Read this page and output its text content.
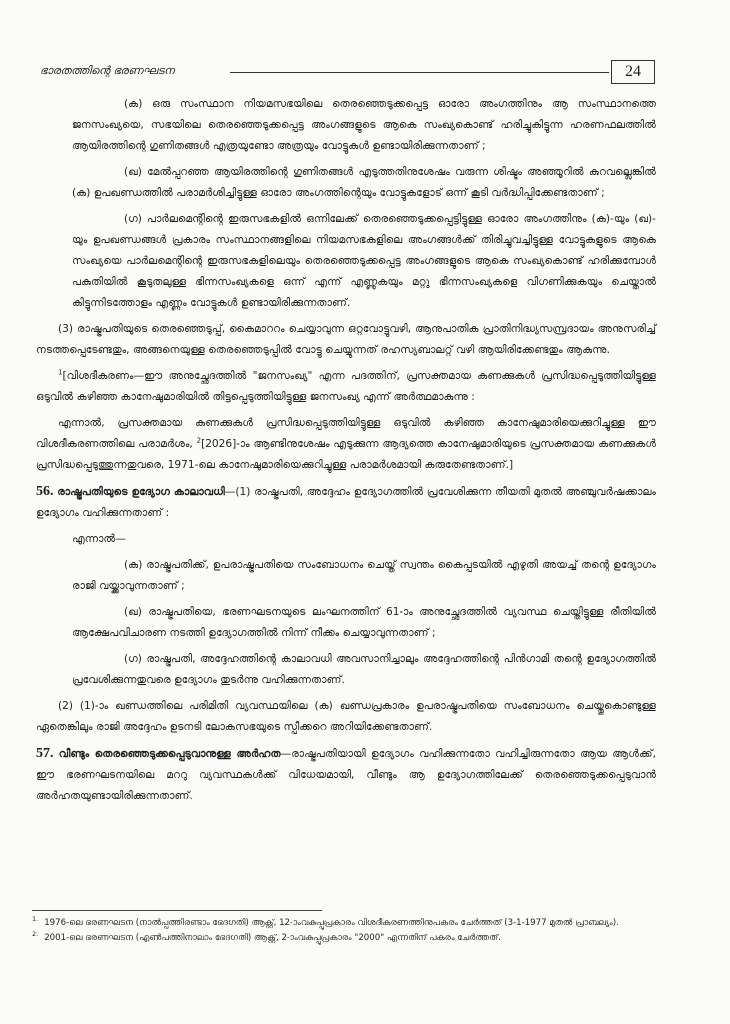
ഭാരതത്തിന്റെ ഭരണഘടന	24

(ക) ഒരു സംസ്ഥാന നിയമസഭയിലെ തെരഞ്ഞെടുക്കപ്പെട്ട ഓരോ അംഗത്തിനും ആ സംസ്ഥാനത്തെ ജനസംഖ്യയെ, സഭയിലെ തെരഞ്ഞെടുക്കപ്പെട്ട അംഗങ്ങളുടെ ആകെ സംഖ്യകൊണ്ട് ഹരിച്ചുകിട്ടുന്ന ഹരണഫലത്തിൽ ആയിരത്തിന്റെ ഗുണിതങ്ങൾ എത്രയുണ്ടോ അത്രയും വോട്ടുകൾ ഉണ്ടായിരിക്കുന്നതാണ് ;

(ഖ) മേൽപ്പറഞ്ഞ ആയിരത്തിന്റെ ഗുണിതങ്ങൾ എടുത്തതിനുശേഷം വരുന്ന ശിഷ്ടം അഞ്ഞൂറിൽ കുറവല്ലെങ്കിൽ (ക) ഉപഖണ്ഡത്തിൽ പരാമർശിച്ചിട്ടുള്ള ഓരോ അംഗത്തിന്റെയും വോട്ടുകളോട് ഒന്ന് കൂടി വർദ്ധിപ്പിക്കേണ്ടതാണ് ;

(ഗ) പാർലമെന്റിന്റെ ഇരുസഭകളിൽ ഒന്നിലേക്ക് തെരഞ്ഞെടുക്കപ്പെട്ടിട്ടുള്ള ഓരോ അംഗത്തിനും (ക)-യും (ഖ)-യും ഉപഖണ്ഡങ്ങൾ പ്രകാരം സംസ്ഥാനങ്ങളിലെ നിയമസഭകളിലെ അംഗങ്ങൾക്ക് തിരിച്ചുവച്ചിട്ടുള്ള വോട്ടുകളുടെ ആകെ സംഖ്യയെ പാർലമെന്റിന്റെ ഇരുസഭകളിലെയും തെരഞ്ഞെടുക്കപ്പെട്ട അംഗങ്ങളുടെ ആകെ സംഖ്യകൊണ്ട് ഹരിക്കുമ്പോൾ പകുതിയിൽ കൂടുതലുള്ള ഭിന്നസംഖ്യകളെ ഒന്ന് എന്ന് എണ്ണുകയും മറ്റു ഭിന്നസംഖ്യകളെ വിഗണിക്കുകയും ചെയ്താൽ കിട്ടുന്നിടത്തോളം എണ്ണം വോട്ടുകൾ ഉണ്ടായിരിക്കുന്നതാണ്.

(3) രാഷ്ട്രപതിയുടെ തെരഞ്ഞെടുപ്പ്, കൈമാററം ചെയ്യാവുന്ന ഒറ്റവോട്ടുവഴി, ആനുപാതിക പ്രാതിനിദ്ധ്യസമ്പ്രദായം അനുസരിച്ച് നടത്തപ്പെടേണ്ടതും, അങ്ങനെയുള്ള തെരഞ്ഞെടുപ്പിൽ വോട്ടു ചെയ്യുന്നത് രഹസ്യബാലറ്റ് വഴി ആയിരിക്കേണ്ടതും ആകുന്നു.

$^1$[വിശദീകരണം—ഈ അനുച്ഛേദത്തിൽ "ജനസംഖ്യ" എന്ന പദത്തിന്, പ്രസക്തമായ കണക്കുകൾ പ്രസിദ്ധപ്പെടുത്തിയിട്ടുള്ള ഒടുവിൽ കഴിഞ്ഞ കാനേഷുമാരിയിൽ തിട്ടപ്പെടുത്തിയിട്ടുള്ള ജനസംഖ്യ എന്ന് അർത്ഥമാകുന്നു :

എന്നാൽ, പ്രസക്തമായ കണക്കുകൾ പ്രസിദ്ധപ്പെടുത്തിയിട്ടുള്ള ഒടുവിൽ കഴിഞ്ഞ കാനേഷുമാരിയെക്കുറിച്ചുള്ള ഈ വിശദീകരണത്തിലെ പരാമർശം, $^2$[2026]-ാം ആണ്ടിനുശേഷം എടുക്കുന്ന ആദ്യത്തെ കാനേഷുമാരിയുടെ പ്രസക്തമായ കണക്കുകൾ പ്രസിദ്ധപ്പെടുത്തുന്നതുവരെ, 1971-ലെ കാനേഷുമാരിയെക്കുറിച്ചുള്ള പരാമർശമായി കരുതേണ്ടതാണ്.]

56. രാഷ്ട്രപതിയുടെ ഉദ്യോഗ കാലാവധി—(1) രാഷ്ട്രപതി, അദ്ദേഹം ഉദ്യോഗത്തിൽ പ്രവേശിക്കുന്ന തീയതി മുതൽ അഞ്ചുവർഷക്കാലം ഉദ്യോഗം വഹിക്കുന്നതാണ് :

എന്നാൽ—

(ക) രാഷ്ട്രപതിക്ക്, ഉപരാഷ്ട്രപതിയെ സംബോധനം ചെയ്ത് സ്വന്തം കൈപ്പടയിൽ എഴുതി അയച്ച് തന്റെ ഉദ്യോഗം രാജി വയ്ക്കാവുന്നതാണ് ;

(ഖ) രാഷ്ട്രപതിയെ, ഭരണഘടനയുടെ ലംഘനത്തിന് 61-ാം അനുച്ഛേദത്തിൽ വ്യവസ്ഥ ചെയ്തിട്ടുള്ള രീതിയിൽ ആക്ഷേപവിചാരണ നടത്തി ഉദ്യോഗത്തിൽ നിന്ന് നീക്കം ചെയ്യാവുന്നതാണ് ;

(ഗ) രാഷ്ട്രപതി, അദ്ദേഹത്തിന്റെ കാലാവധി അവസാനിച്ചാലും അദ്ദേഹത്തിന്റെ പിൻഗാമി തന്റെ ഉദ്യോഗത്തിൽ പ്രവേശിക്കുന്നതുവരെ ഉദ്യോഗം തുടർന്നു വഹിക്കുന്നതാണ്.

(2) (1)-ാം ഖണ്ഡത്തിലെ പരിമിതി വ്യവസ്ഥയിലെ (ക) ഖണ്ഡപ്രകാരം ഉപരാഷ്ട്രപതിയെ സംബോധനം ചെയ്തുകൊണ്ടുള്ള ഏതെങ്കിലും രാജി അദ്ദേഹം ഉടനടി ലോകസഭയുടെ സ്പീക്കറെ അറിയിക്കേണ്ടതാണ്.

57. വീണ്ടും തെരഞ്ഞെടുക്കപ്പെടുവാനുള്ള അർഹത—രാഷ്ട്രപതിയായി ഉദ്യോഗം വഹിക്കുന്നതോ വഹിച്ചിരുന്നതോ ആയ ആൾക്ക്, ഈ ഭരണഘടനയിലെ മററു വ്യവസ്ഥകൾക്ക് വിധേയമായി, വീണ്ടും ആ ഉദ്യോഗത്തിലേക്ക് തെരഞ്ഞെടുക്കപ്പെടുവാൻ അർഹതയുണ്ടായിരിക്കുന്നതാണ്.

$^{1.}$ 1976-ലെ ഭരണഘടന (നാൽപ്പത്തിരണ്ടാം ഭേദഗതി) ആക്റ്റ്, 12-ാംവകുപ്പുപ്രകാരം വിശദീകരണത്തിനുപകരം ചേർത്തത് (3-1-1977 മുതൽ പ്രാബല്യം).

$^{2.}$ 2001-ലെ ഭരണഘടന (എൺപത്തിനാലാം ഭേദഗതി) ആക്റ്റ്, 2-ാംവകുപ്പുപ്രകാരം "2000" എന്നതിന് പകരം ചേർത്തത്.
